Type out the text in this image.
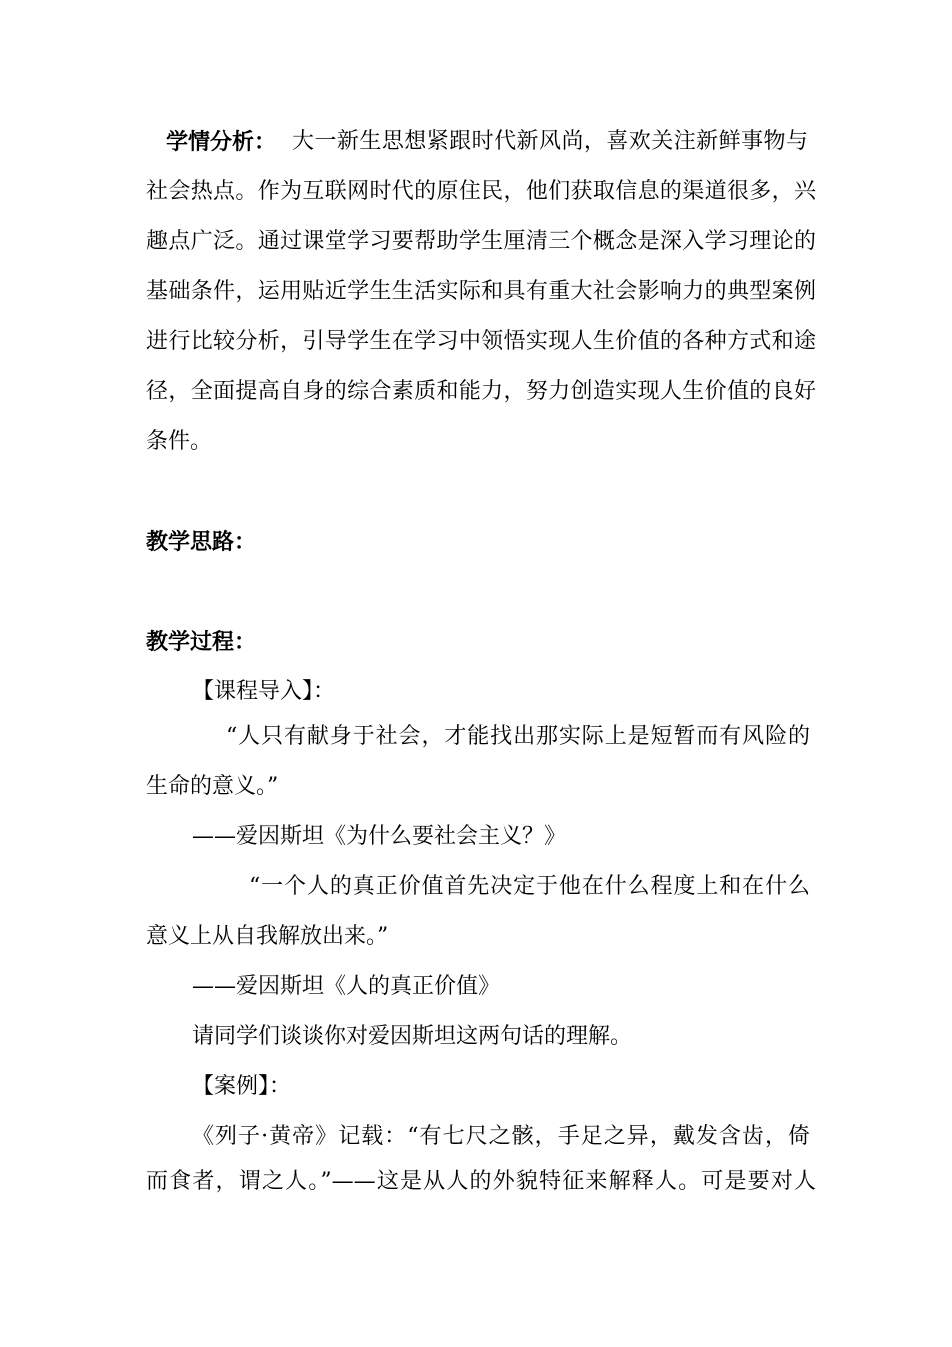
学情分析： 大一新生思想紧跟时代新风尚，喜欢关注新鲜事物与
社会热点。作为互联网时代的原住民，他们获取信息的渠道很多，兴
趣点广泛。通过课堂学习要帮助学生厘清三个概念是深入学习理论的
基础条件，运用贴近学生生活实际和具有重大社会影响力的典型案例
进行比较分析，引导学生在学习中领悟实现人生价值的各种方式和途
径，全面提高自身的综合素质和能力，努力创造实现人生价值的良好
条件。
教学思路：
教学过程：
【课程导入】：
“人只有献身于社会，才能找出那实际上是短暂而有风险的
生命的意义。”
——爱因斯坦《为什么要社会主义？》
“一个人的真正价值首先决定于他在什么程度上和在什么
意义上从自我解放出来。”
——爱因斯坦《人的真正价值》
请同学们谈谈你对爱因斯坦这两句话的理解。
【案例】：
《列子·黄帝》记载：“有七尺之骸，手足之异，戴发含齿，倚
而食者，谓之人。”——这是从人的外貌特征来解释人。可是要对人
